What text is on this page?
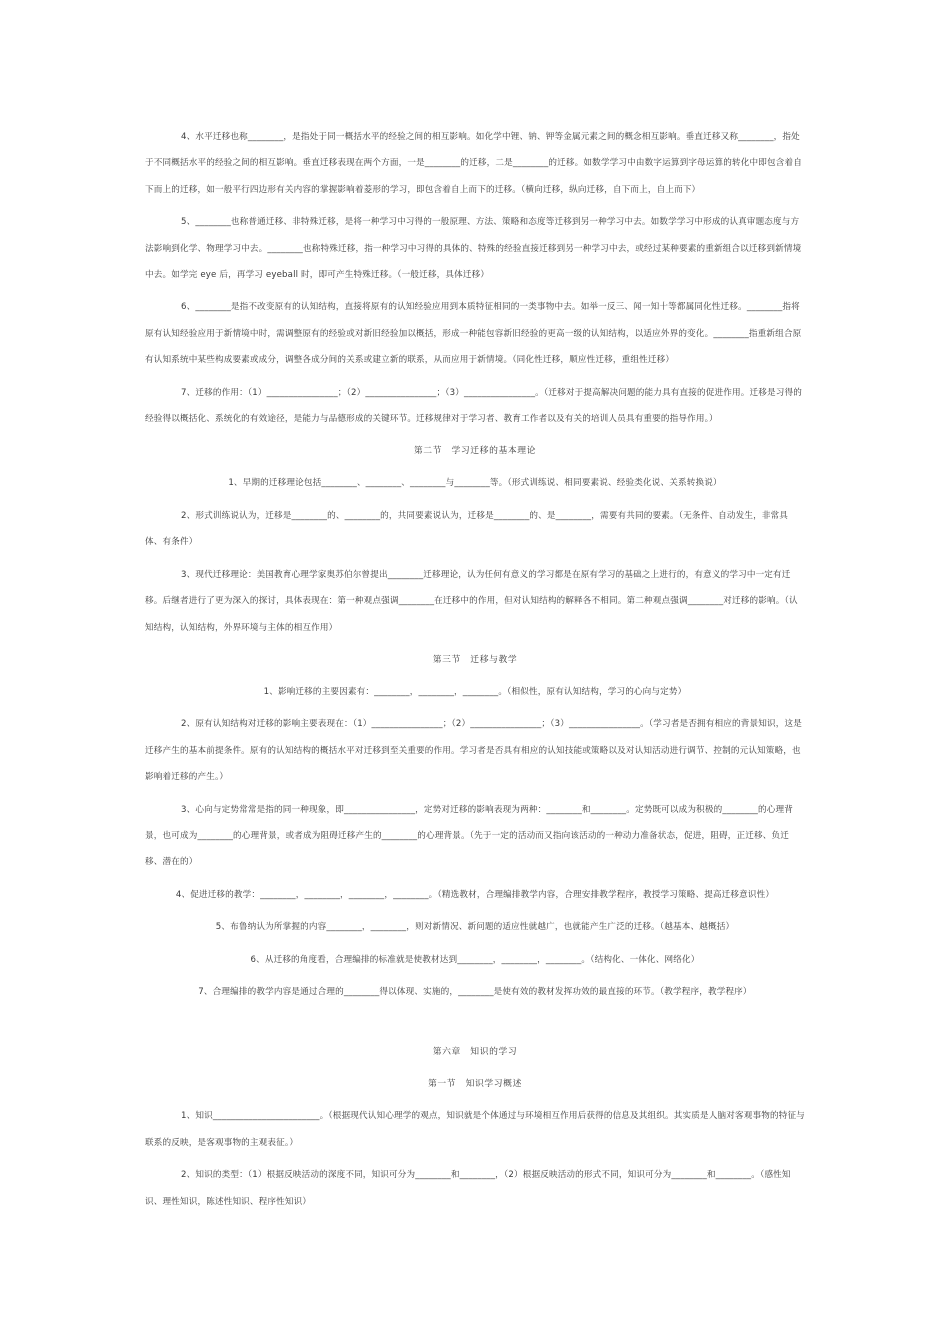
4、水平迁移也称________，是指处于同一概括水平的经验之间的相互影响。如化学中锂、钠、钾等金属元素之间的概念相互影响。垂直迁移又称________，指处于不同概括水平的经验之间的相互影响。垂直迁移表现在两个方面，一是________的迁移，二是________的迁移。如数学学习中由数字运算到字母运算的转化中即包含着自下而上的迁移，如一般平行四边形有关内容的掌握影响着菱形的学习，即包含着自上而下的迁移。（横向迁移，纵向迁移，自下而上，自上而下）

5、________也称普通迁移、非特殊迁移，是将一种学习中习得的一般原理、方法、策略和态度等迁移到另一种学习中去。如数学学习中形成的认真审题态度与方法影响到化学、物理学习中去。________也称特殊迁移，指一种学习中习得的具体的、特殊的经验直接迁移到另一种学习中去，或经过某种要素的重新组合以迁移到新情境中去。如学完 eye 后，再学习 eyeball 时，即可产生特殊迁移。（一般迁移，具体迁移）

6、________是指不改变原有的认知结构，直接将原有的认知经验应用到本质特征相同的一类事物中去。如举一反三、闻一知十等都属同化性迁移。________指将原有认知经验应用于新情境中时，需调整原有的经验或对新旧经验加以概括，形成一种能包容新旧经验的更高一级的认知结构，以适应外界的变化。________指重新组合原有认知系统中某些构成要素或成分，调整各成分间的关系或建立新的联系，从而应用于新情境。（同化性迁移，顺应性迁移，重组性迁移）

7、迁移的作用：（1）________________；（2）________________；（3）________________。（迁移对于提高解决问题的能力具有直接的促进作用。迁移是习得的经验得以概括化、系统化的有效途径，是能力与品德形成的关键环节。迁移规律对于学习者、教育工作者以及有关的培训人员具有重要的指导作用。）

第二节　学习迁移的基本理论

1、早期的迁移理论包括________、________、________与________等。（形式训练说、相同要素说、经验类化说、关系转换说）

2、形式训练说认为，迁移是________的、________的，共同要素说认为，迁移是________的、是________，需要有共同的要素。（无条件、自动发生，非常具体、有条件）

3、现代迁移理论：美国教育心理学家奥苏伯尔曾提出________迁移理论，认为任何有意义的学习都是在原有学习的基础之上进行的，有意义的学习中一定有迁移。后继者进行了更为深入的探讨，具体表现在：第一种观点强调________在迁移中的作用，但对认知结构的解释各不相同。第二种观点强调________对迁移的影响。（认知结构，认知结构，外界环境与主体的相互作用）

第三节　迁移与教学

1、影响迁移的主要因素有：________，________，________。（相似性，原有认知结构，学习的心向与定势）

2、原有认知结构对迁移的影响主要表现在：（1）________________；（2）________________；（3）________________。（学习者是否拥有相应的背景知识，这是迁移产生的基本前提条件。原有的认知结构的概括水平对迁移到至关重要的作用。学习者是否具有相应的认知技能或策略以及对认知活动进行调节、控制的元认知策略，也影响着迁移的产生。）

3、心向与定势常常是指的同一种现象，即________________，定势对迁移的影响表现为两种：________和________。定势既可以成为积极的________的心理背景，也可成为________的心理背景，或者成为阻碍迁移产生的________的心理背景。（先于一定的活动而又指向该活动的一种动力准备状态，促进，阻碍，正迁移、负迁移、潜在的）

4、促进迁移的教学：________，________，________，________。（精选教材，合理编排教学内容，合理安排教学程序，教授学习策略、提高迁移意识性）

5、布鲁纳认为所掌握的内容________，________，则对新情况、新问题的适应性就越广，也就能产生广泛的迁移。（越基本、越概括）

6、从迁移的角度看，合理编排的标准就是使教材达到________，________，________。（结构化、一体化、网络化）

7、合理编排的教学内容是通过合理的________得以体现、实施的，________是使有效的教材发挥功效的最直接的环节。（教学程序，教学程序）

第六章　知识的学习
第一节　知识学习概述

1、知识________________________。（根据现代认知心理学的观点，知识就是个体通过与环境相互作用后获得的信息及其组织。其实质是人脑对客观事物的特征与联系的反映，是客观事物的主观表征。）

2、知识的类型：（1）根据反映活动的深度不同，知识可分为________和________，（2）根据反映活动的形式不同，知识可分为________和________。（感性知识、理性知识，陈述性知识、程序性知识）
